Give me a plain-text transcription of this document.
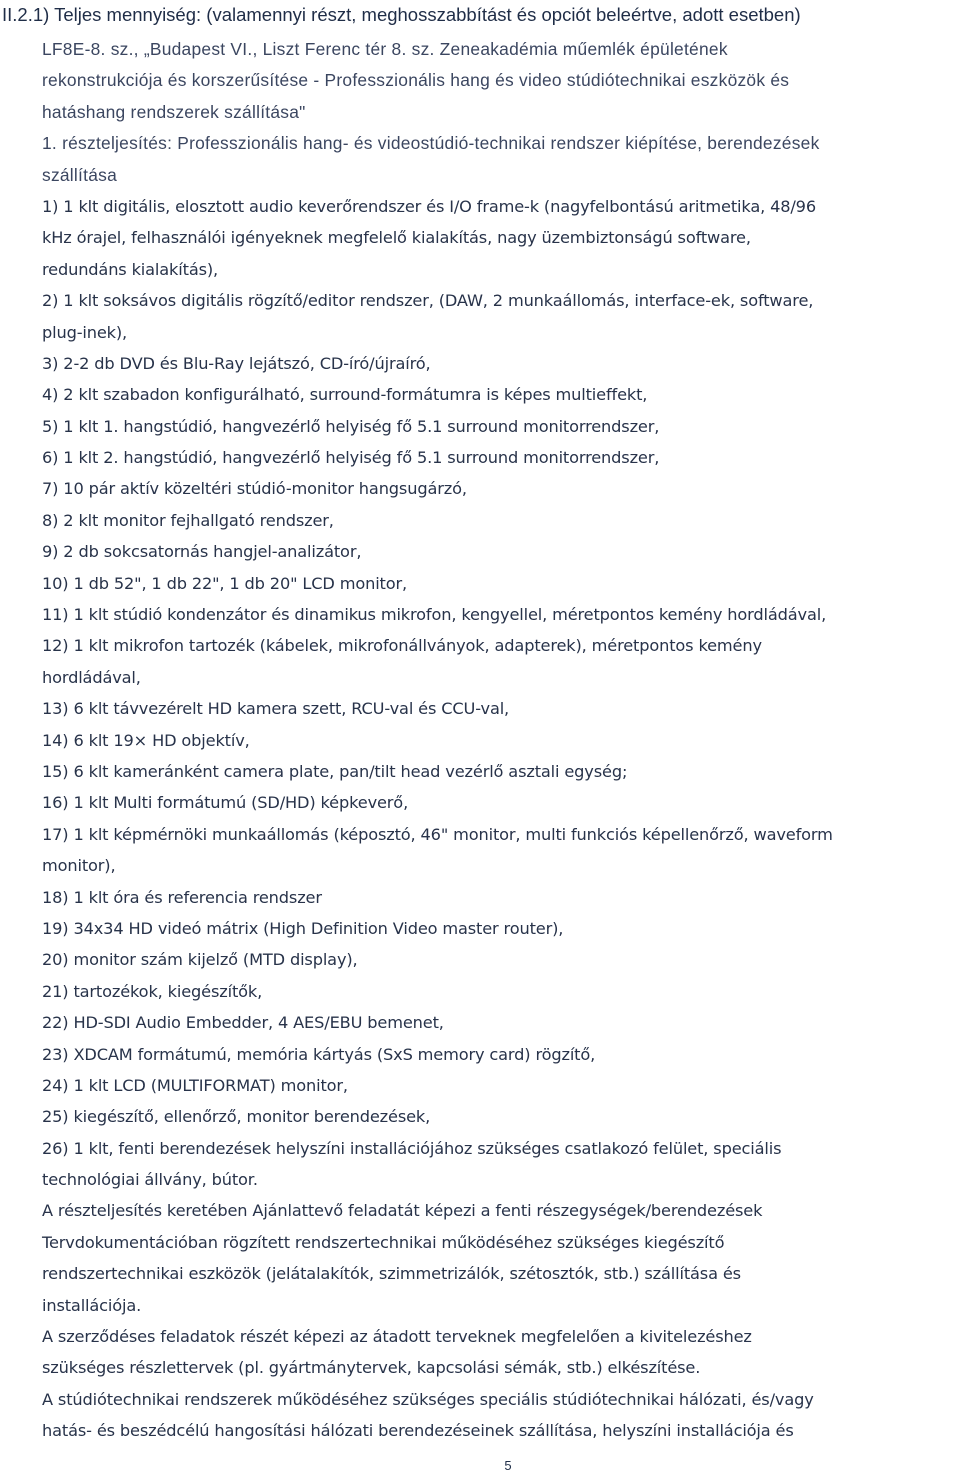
II.2.1) Teljes mennyiség: (valamennyi részt, meghosszabbítást és opciót beleértve, adott esetben)
LF8E-8. sz., „Budapest VI., Liszt Ferenc tér 8. sz. Zeneakadémia műemlék épületének
rekonstrukciója és korszerűsítése - Professzionális hang és video stúdiótechnikai eszközök és
hatáshang rendszerek szállítása"
1. részteljesítés: Professzionális hang- és videostúdió-technikai rendszer kiépítése, berendezések
szállítása
1) 1 klt digitális, elosztott audio keverőrendszer és I/O frame-k (nagyfelbontású aritmetika, 48/96
kHz órajel, felhasználói igényeknek megfelelő kialakítás, nagy üzembiztonságú software,
redundáns kialakítás),
2) 1 klt soksávos digitális rögzítő/editor rendszer, (DAW, 2 munkaállomás, interface-ek, software,
plug-inek),
3) 2-2 db DVD és Blu-Ray lejátszó, CD-író/újraíró,
4) 2 klt szabadon konfigurálható, surround-formátumra is képes multieffekt,
5) 1 klt 1. hangstúdió, hangvezérlő helyiség fő 5.1 surround monitorrendszer,
6) 1 klt 2. hangstúdió, hangvezérlő helyiség fő 5.1 surround monitorrendszer,
7) 10 pár aktív közeltéri stúdió-monitor hangsugárzó,
8) 2 klt monitor fejhallgató rendszer,
9) 2 db sokcsatornás hangjel-analizátor,
10) 1 db 52", 1 db 22", 1 db 20" LCD monitor,
11) 1 klt stúdió kondenzátor és dinamikus mikrofon, kengyellel, méretpontos kemény hordládával,
12) 1 klt mikrofon tartozék (kábelek, mikrofonállványok, adapterek), méretpontos kemény
hordládával,
13) 6 klt távvezérelt HD kamera szett, RCU-val és CCU-val,
14) 6 klt 19× HD objektív,
15) 6 klt kameránként camera plate, pan/tilt head vezérlő asztali egység;
16) 1 klt Multi formátumú (SD/HD) képkeverő,
17) 1 klt képmérnöki munkaállomás (képosztó, 46" monitor, multi funkciós képellenőrző, waveform
monitor),
18) 1 klt óra és referencia rendszer
19) 34x34 HD videó mátrix (High Definition Video master router),
20) monitor szám kijelző (MTD display),
21) tartozékok, kiegészítők,
22) HD-SDI Audio Embedder, 4 AES/EBU bemenet,
23) XDCAM formátumú, memória kártyás (SxS memory card) rögzítő,
24) 1 klt LCD (MULTIFORMAT) monitor,
25) kiegészítő, ellenőrző, monitor berendezések,
26) 1 klt, fenti berendezések helyszíni installációjához szükséges csatlakozó felület, speciális
technológiai állvány, bútor.
A részteljesítés keretében Ajánlattevő feladatát képezi a fenti részegységek/berendezések
Tervdokumentációban rögzített rendszertechnikai működéséhez szükséges kiegészítő
rendszertechnikai eszközök (jelátalakítók, szimmetrizálók, szétosztók, stb.) szállítása és
installációja.
A szerződéses feladatok részét képezi az átadott terveknek megfelelően a kivitelezéshez
szükséges részlettervek (pl. gyártmánytervek, kapcsolási sémák, stb.) elkészítése.
A stúdiótechnikai rendszerek működéséhez szükséges speciális stúdiótechnikai hálózati, és/vagy
hatás- és beszédcélú hangosítási hálózati berendezéseinek szállítása, helyszíni installációja és
5
